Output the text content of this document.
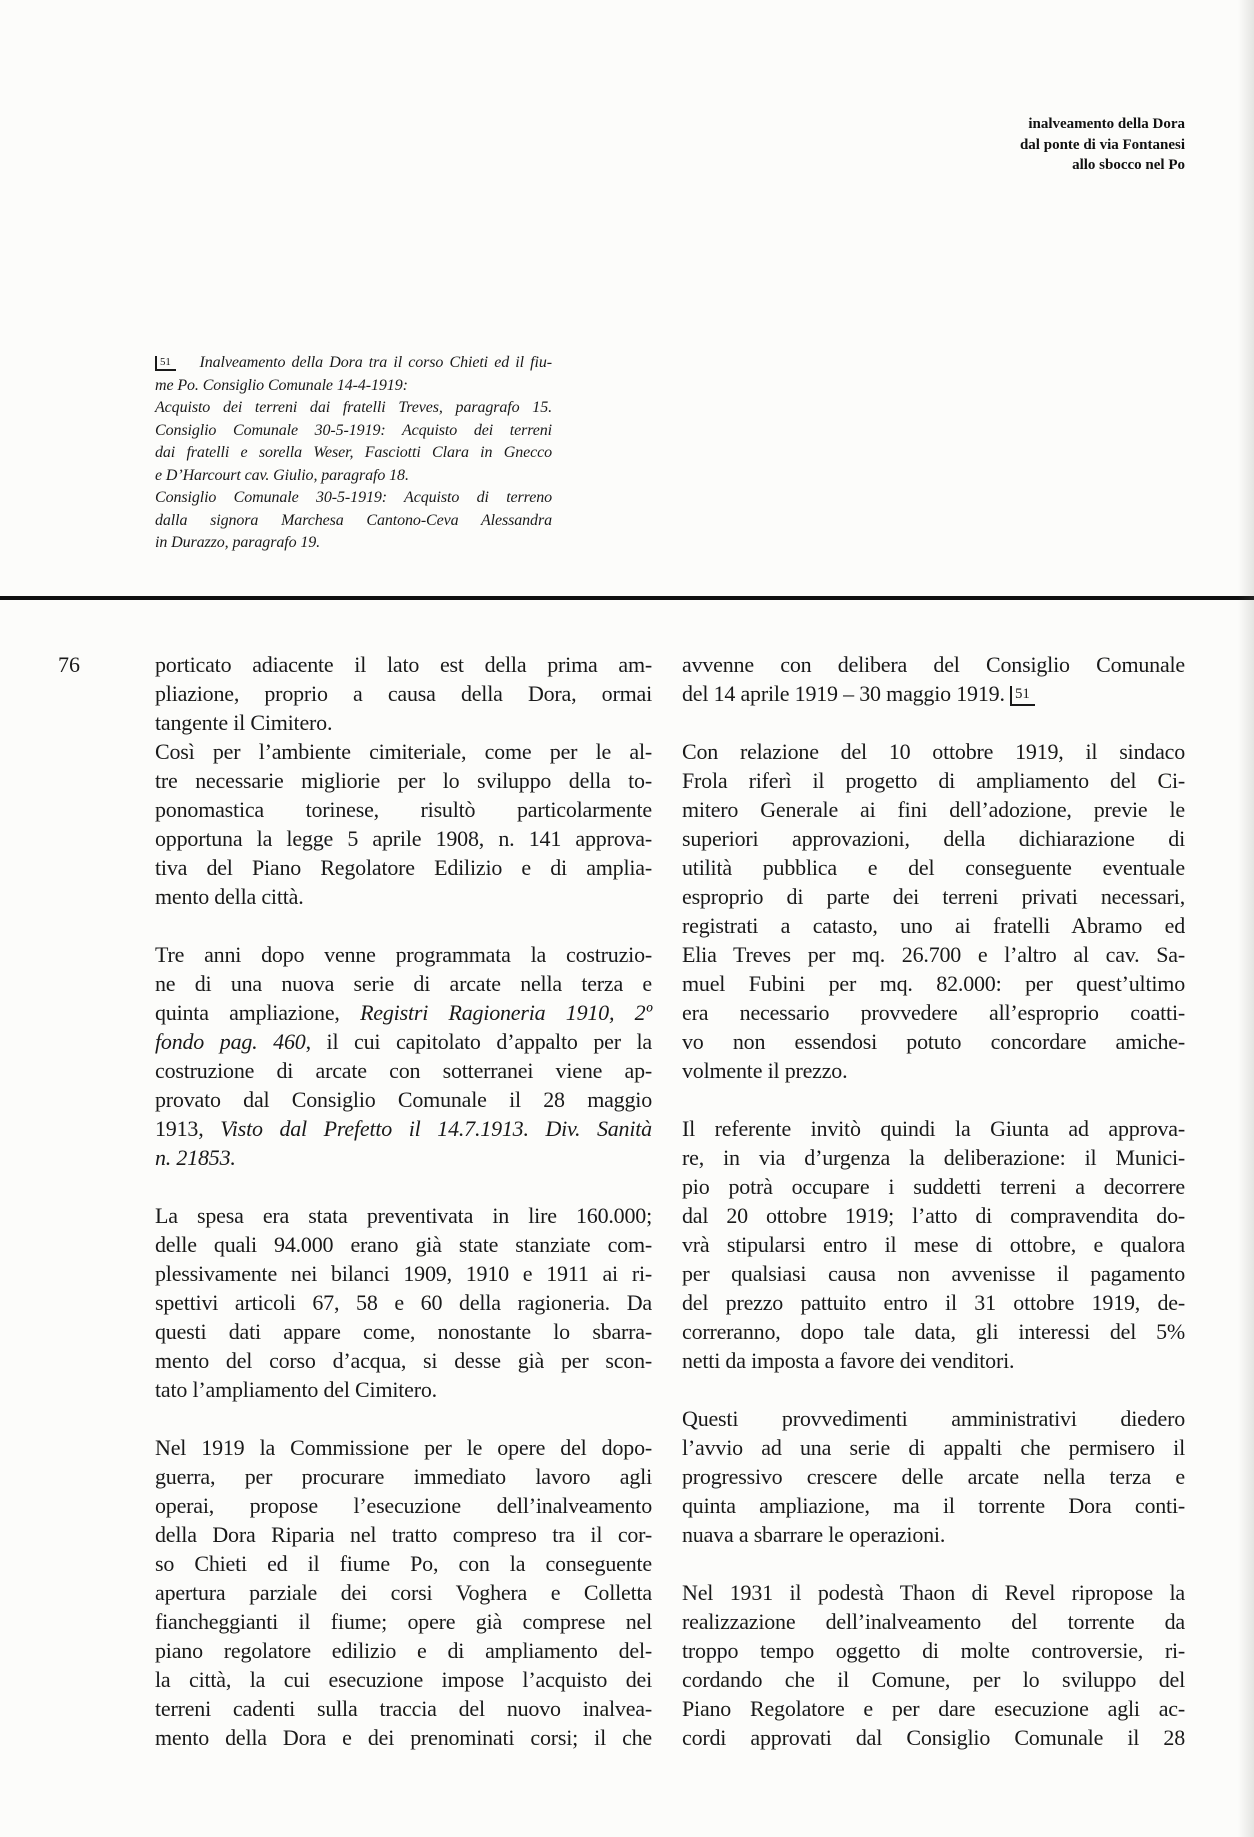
inalveamento della Dora
dal ponte di via Fontanesi
allo sbocco nel Po
51  Inalveamento della Dora tra il corso Chieti ed il fiu-
me Po. Consiglio Comunale 14-4-1919:
Acquisto dei terreni dai fratelli Treves, paragrafo 15.
Consiglio Comunale 30-5-1919: Acquisto dei terreni
dai fratelli e sorella Weser, Fasciotti Clara in Gnecco
e D’Harcourt cav. Giulio, paragrafo 18.
Consiglio Comunale 30-5-1919: Acquisto di terreno
dalla signora Marchesa Cantono-Ceva Alessandra
in Durazzo, paragrafo 19.
76	porticato adiacente il lato est della prima am-
pliazione, proprio a causa della Dora, ormai
tangente il Cimitero.
Così per l’ambiente cimiteriale, come per le al-
tre necessarie migliorie per lo sviluppo della to-
ponomastica torinese, risultò particolarmente
opportuna la legge 5 aprile 1908, n. 141 approva-
tiva del Piano Regolatore Edilizio e di amplia-
mento della città.
Tre anni dopo venne programmata la costruzio-
ne di una nuova serie di arcate nella terza e
quinta ampliazione, Registri Ragioneria 1910, 2º
fondo pag. 460, il cui capitolato d’appalto per la
costruzione di arcate con sotterranei viene ap-
provato dal Consiglio Comunale il 28 maggio
1913, Visto dal Prefetto il 14.7.1913. Div. Sanità
n. 21853.
La spesa era stata preventivata in lire 160.000;
delle quali 94.000 erano già state stanziate com-
plessivamente nei bilanci 1909, 1910 e 1911 ai ri-
spettivi articoli 67, 58 e 60 della ragioneria. Da
questi dati appare come, nonostante lo sbarra-
mento del corso d’acqua, si desse già per scon-
tato l’ampliamento del Cimitero.
Nel 1919 la Commissione per le opere del dopo-
guerra, per procurare immediato lavoro agli
operai, propose l’esecuzione dell’inalveamento
della Dora Riparia nel tratto compreso tra il cor-
so Chieti ed il fiume Po, con la conseguente
apertura parziale dei corsi Voghera e Colletta
fiancheggianti il fiume; opere già comprese nel
piano regolatore edilizio e di ampliamento del-
la città, la cui esecuzione impose l’acquisto dei
terreni cadenti sulla traccia del nuovo inalvea-
mento della Dora e dei prenominati corsi; il che
avvenne con delibera del Consiglio Comunale
del 14 aprile 1919 – 30 maggio 1919. 51
Con relazione del 10 ottobre 1919, il sindaco
Frola riferì il progetto di ampliamento del Ci-
mitero Generale ai fini dell’adozione, previe le
superiori approvazioni, della dichiarazione di
utilità pubblica e del conseguente eventuale
esproprio di parte dei terreni privati necessari,
registrati a catasto, uno ai fratelli Abramo ed
Elia Treves per mq. 26.700 e l’altro al cav. Sa-
muel Fubini per mq. 82.000: per quest’ultimo
era necessario provvedere all’esproprio coatti-
vo non essendosi potuto concordare amiche-
volmente il prezzo.
Il referente invitò quindi la Giunta ad approva-
re, in via d’urgenza la deliberazione: il Munici-
pio potrà occupare i suddetti terreni a decorrere
dal 20 ottobre 1919; l’atto di compravendita do-
vrà stipularsi entro il mese di ottobre, e qualora
per qualsiasi causa non avvenisse il pagamento
del prezzo pattuito entro il 31 ottobre 1919, de-
correranno, dopo tale data, gli interessi del 5%
netti da imposta a favore dei venditori.
Questi provvedimenti amministrativi diedero
l’avvio ad una serie di appalti che permisero il
progressivo crescere delle arcate nella terza e
quinta ampliazione, ma il torrente Dora conti-
nuava a sbarrare le operazioni.
Nel 1931 il podestà Thaon di Revel ripropose la
realizzazione dell’inalveamento del torrente da
troppo tempo oggetto di molte controversie, ri-
cordando che il Comune, per lo sviluppo del
Piano Regolatore e per dare esecuzione agli ac-
cordi approvati dal Consiglio Comunale il 28
